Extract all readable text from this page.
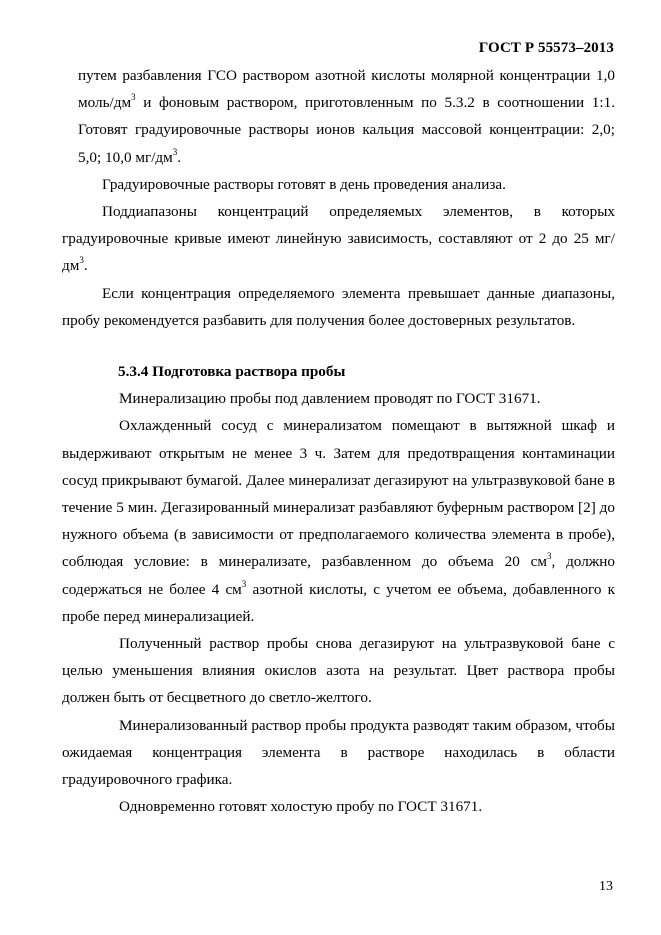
ГОСТ Р 55573–2013

путем разбавления ГСО раствором азотной кислоты молярной концентрации 1,0 моль/$дм^3$ и фоновым раствором, приготовленным по 5.3.2 в соотношении 1:1. Готовят градуировочные растворы ионов кальция массовой концентрации: 2,0; 5,0; 10,0 $мг/дм^3$.

Градуировочные растворы готовят в день проведения анализа.

Поддиапазоны концентраций определяемых элементов, в которых градуировочные кривые имеют линейную зависимость, составляют от 2 до 25 $мг/дм^3$.

Если концентрация определяемого элемента превышает данные диапазоны, пробу рекомендуется разбавить для получения более достоверных результатов.

5.3.4 Подготовка раствора пробы

Минерализацию пробы под давлением проводят по ГОСТ 31671.

Охлажденный сосуд с минерализатом помещают в вытяжной шкаф и выдерживают открытым не менее 3 ч. Затем для предотвращения контаминации сосуд прикрывают бумагой. Далее минерализат дегазируют на ультразвуковой бане в течение 5 мин. Дегазированный минерализат разбавляют буферным раствором [2] до нужного объема (в зависимости от предполагаемого количества элемента в пробе), соблюдая условие: в минерализате, разбавленном до объема 20 $см^3$, должно содержаться не более 4 $см^3$ азотной кислоты, с учетом ее объема, добавленного к пробе перед минерализацией.

Полученный раствор пробы снова дегазируют на ультразвуковой бане с целью уменьшения влияния окислов азота на результат. Цвет раствора пробы должен быть от бесцветного до светло-желтого.

Минерализованный раствор пробы продукта разводят таким образом, чтобы ожидаемая концентрация элемента в растворе находилась в области градуировочного графика.

Одновременно готовят холостую пробу по ГОСТ 31671.

13
